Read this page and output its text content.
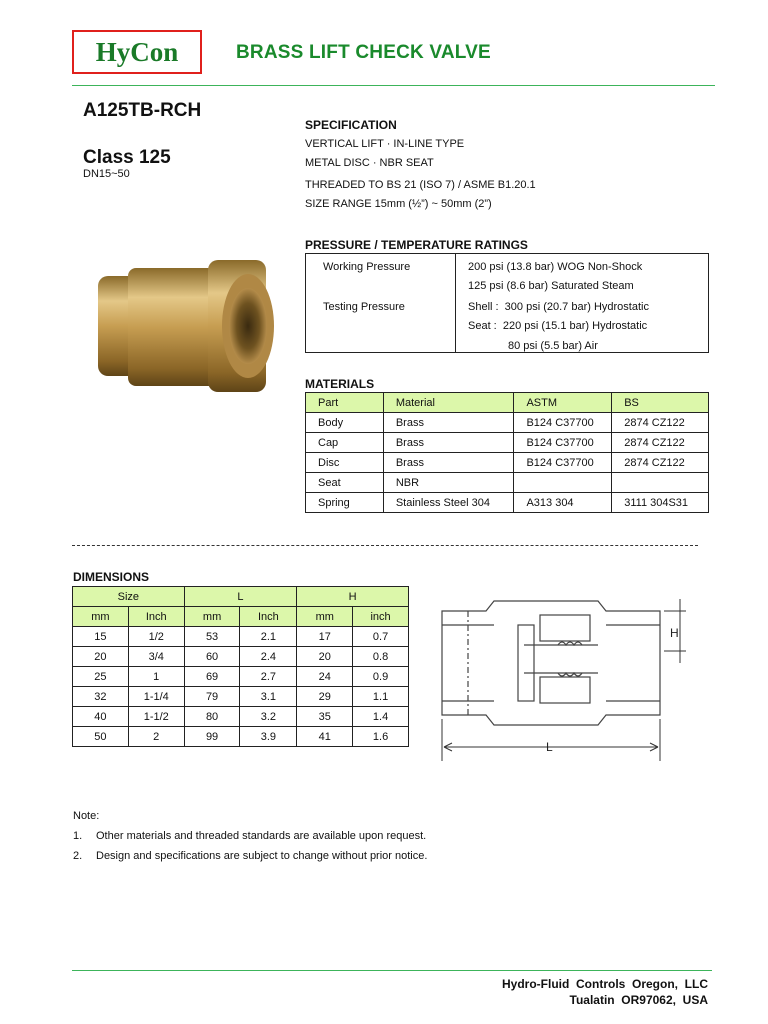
HyCon	BRASS LIFT CHECK VALVE
A125TB-RCH
Class 125
DN15~50
SPECIFICATION
VERTICAL LIFT · IN-LINE TYPE
METAL DISC · NBR SEAT
THREADED TO BS 21 (ISO 7) / ASME B1.20.1
SIZE RANGE 15mm (½”) ~ 50mm (2”)
PRESSURE / TEMPERATURE RATINGS
Working Pressure	200 psi (13.8 bar) WOG Non-Shock
125 psi (8.6 bar) Saturated Steam
Testing Pressure	Shell :  300 psi (20.7 bar) Hydrostatic
Seat :  220 psi (15.1 bar) Hydrostatic
80 psi (5.5 bar) Air
MATERIALS
Part	Material	ASTM	BS
Body	Brass	B124 C37700	2874 CZ122
Cap	Brass	B124 C37700	2874 CZ122
Disc	Brass	B124 C37700	2874 CZ122
Seat	NBR		
Spring	Stainless Steel 304	A313 304	3111 304S31
DIMENSIONS
Size		L		H	
mm	Inch	mm	Inch	mm	inch
15	1/2	53	2.1	17	0.7
20	3/4	60	2.4	20	0.8
25	1	69	2.7	24	0.9
32	1-1/4	79	3.1	29	1.1
40	1-1/2	80	3.2	35	1.4
50	2	99	3.9	41	1.6
H
L
Note:
1. Other materials and threaded standards are available upon request.
2. Design and specifications are subject to change without prior notice.
Hydro-Fluid  Controls  Oregon,  LLC
Tualatin  OR97062,  USA
